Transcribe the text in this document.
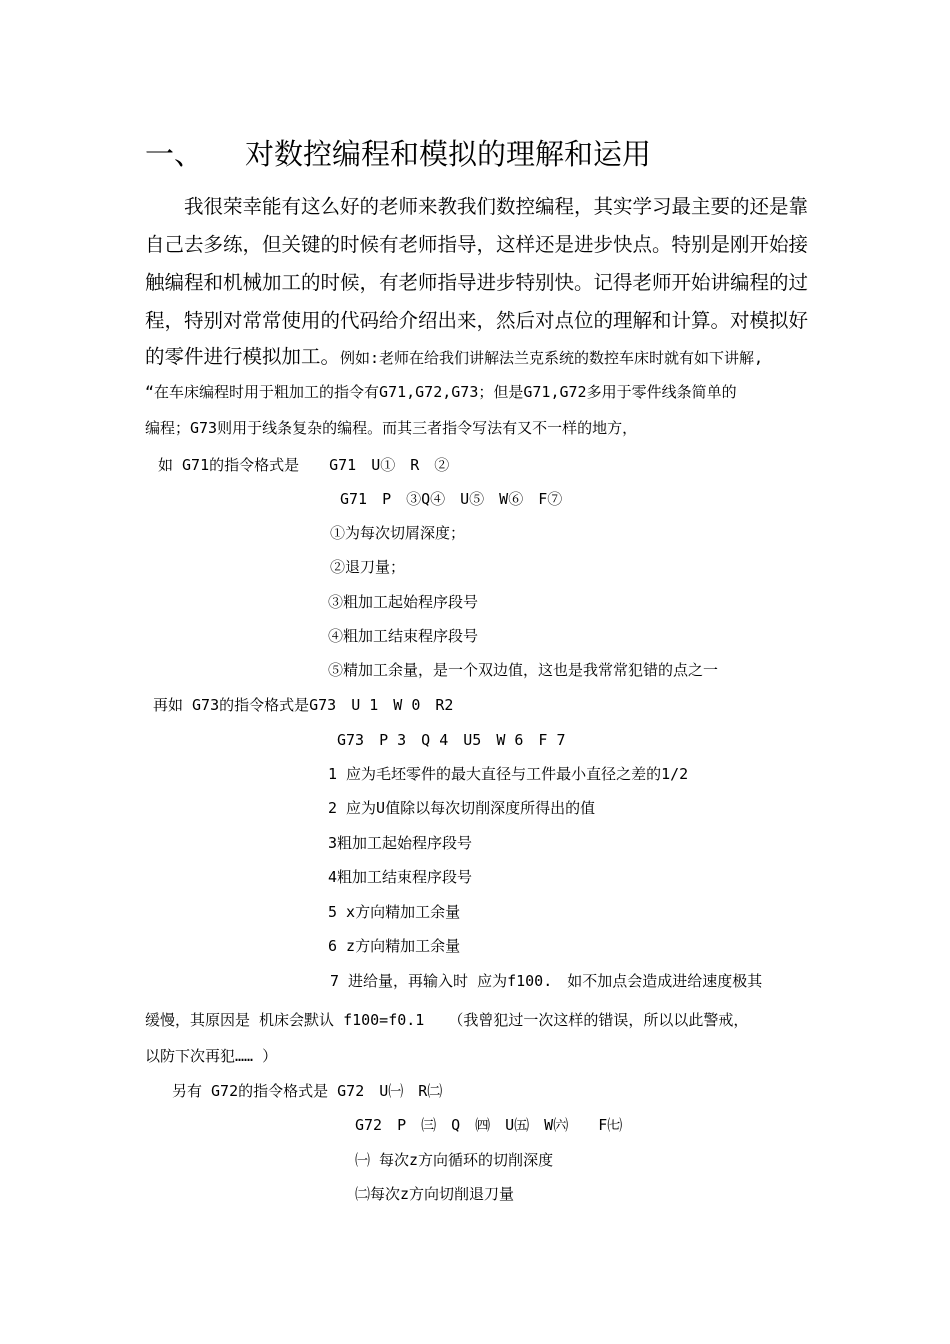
一、 对数控编程和模拟的理解和运用
　　我很荣幸能有这么好的老师来教我们数控编程，其实学习最主要的还是靠
自己去多练，但关键的时候有老师指导，这样还是进步快点。特别是刚开始接
触编程和机械加工的时候，有老师指导进步特别快。记得老师开始讲编程的过
程，特别对常常使用的代码给介绍出来，然后对点位的理解和计算。对模拟好
的零件进行模拟加工。例如:老师在给我们讲解法兰克系统的数控车床时就有如下讲解,
“在车床编程时用于粗加工的指令有G71,G72,G73；但是G71,G72多用于零件线条简单的
编程；G73则用于线条复杂的编程。而其三者指令写法有又不一样的地方，
如 G71的指令格式是　　G71　U①　R　②
G71　P　③Q④　U⑤　W⑥　F⑦
①为每次切屑深度；
②退刀量；
③粗加工起始程序段号
④粗加工结束程序段号
⑤精加工余量，是一个双边值，这也是我常常犯错的点之一
再如 G73的指令格式是G73　U 1　W 0　R2
G73　P 3　Q 4　U5　W 6　F 7
1 应为毛坯零件的最大直径与工件最小直径之差的1/2
2 应为U值除以每次切削深度所得出的值
3粗加工起始程序段号
4粗加工结束程序段号
5 x方向精加工余量
6 z方向精加工余量
7 进给量，再输入时 应为f100.　如不加点会造成进给速度极其
缓慢，其原因是 机床会默认 f100=f0.1　 （我曾犯过一次这样的错误，所以以此警戒，
以防下次再犯…… ）
另有 G72的指令格式是 G72　U㈠　R㈡
G72　P　㈢　Q　㈣　U㈤　W㈥　　F㈦
㈠ 每次z方向循环的切削深度
㈡每次z方向切削退刀量
